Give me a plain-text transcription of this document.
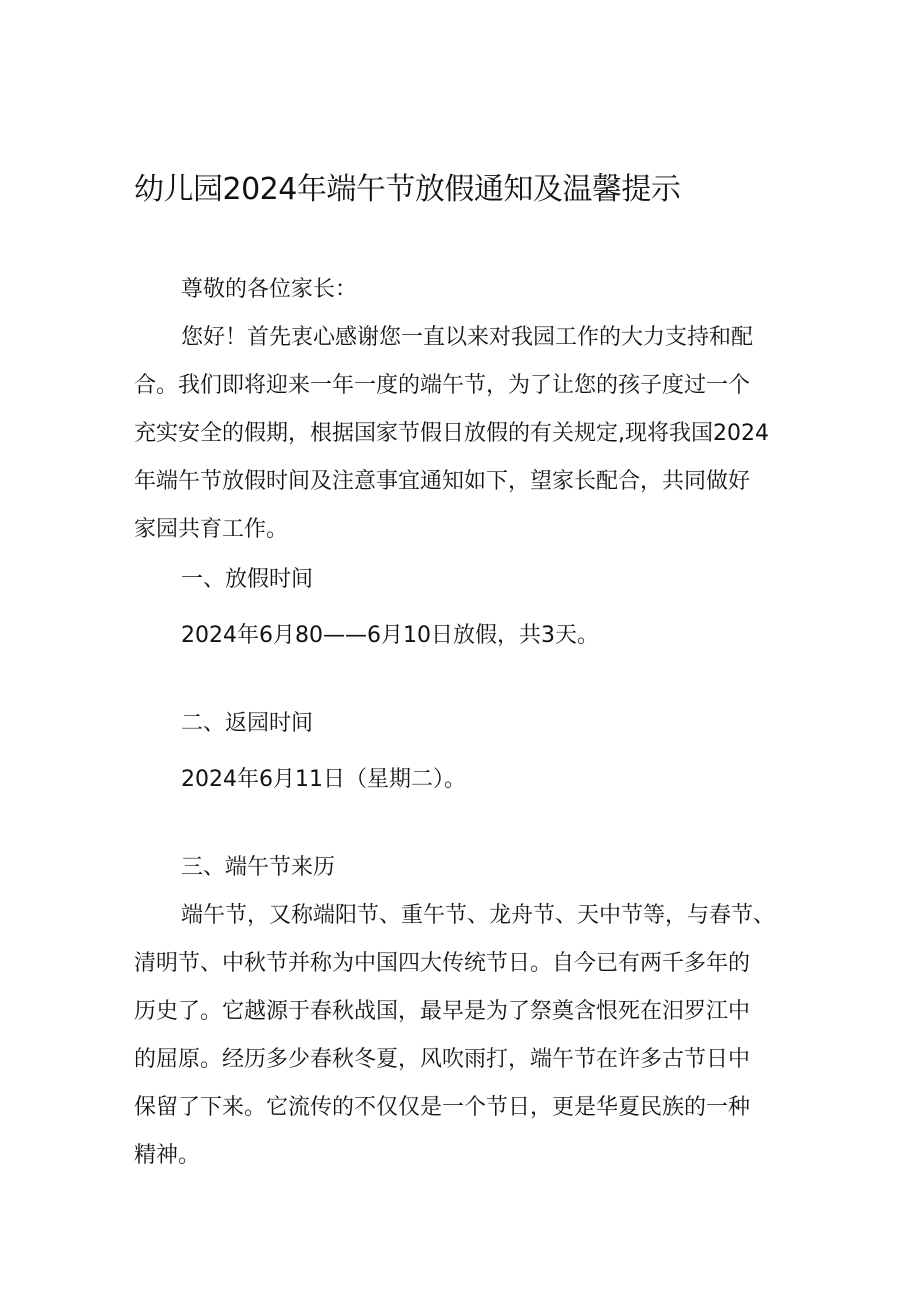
幼儿园2024年端午节放假通知及温馨提示

尊敬的各位家长：

您好！首先衷心感谢您一直以来对我园工作的大力支持和配

合。我们即将迎来一年一度的端午节，为了让您的孩子度过一个

充实安全的假期，根据国家节假日放假的有关规定,现将我国2024

年端午节放假时间及注意事宜通知如下，望家长配合，共同做好

家园共育工作。

一、放假时间

2024年6月80——6月10日放假，共3天。

二、返园时间

2024年6月11日（星期二）。

三、端午节来历

端午节，又称端阳节、重午节、龙舟节、天中节等，与春节、

清明节、中秋节并称为中国四大传统节日。自今已有两千多年的

历史了。它越源于春秋战国，最早是为了祭奠含恨死在汨罗江中

的屈原。经历多少春秋冬夏，风吹雨打，端午节在许多古节日中

保留了下来。它流传的不仅仅是一个节日，更是华夏民族的一种

精神。
